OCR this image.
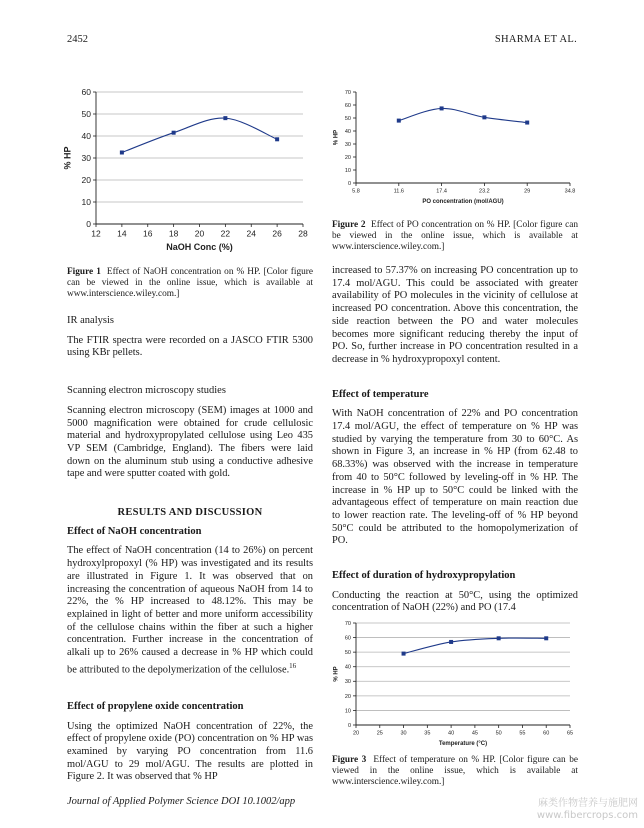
2452	SHARMA ET AL.
0
10
20
30
40
50
60
12 14 16 18 20 22 24 26 28
NaOH Conc (%)
% HP
Figure 1 Effect of NaOH concentration on % HP. [Color figure can be viewed in the online issue, which is available at www.interscience.wiley.com.]
0
10
20
30
40
50
60
70
5.8	11.6	17.4	23.2	29	34.8
PO concentration (mol/AGU)
% HP
Figure 2 Effect of PO concentration on % HP. [Color figure can be viewed in the online issue, which is available at www.interscience.wiley.com.]

IR analysis

The FTIR spectra were recorded on a JASCO FTIR 5300 using KBr pellets.

Scanning electron microscopy studies

Scanning electron microscopy (SEM) images at 1000 and 5000 magnification were obtained for crude cellulosic material and hydroxypropylated cellulose using Leo 435 VP SEM (Cambridge, England). The fibers were laid down on the aluminum stub using a conductive adhesive tape and were sputter coated with gold.

RESULTS AND DISCUSSION

Effect of NaOH concentration

The effect of NaOH concentration (14 to 26%) on percent hydroxylpropoxyl (% HP) was investigated and its results are illustrated in Figure 1. It was observed that on increasing the concentration of aqueous NaOH from 14 to 22%, the % HP increased to 48.12%. This may be explained in light of better and more uniform accessibility of the cellulose chains within the fiber at such a higher concentration. Further increase in the concentration of alkali up to 26% caused a decrease in % HP which could be attributed to the depolymerization of the cellulose.$^{16}$

Effect of propylene oxide concentration

Using the optimized NaOH concentration of 22%, the effect of propylene oxide (PO) concentration on % HP was examined by varying PO concentration from 11.6 mol/AGU to 29 mol/AGU. The results are plotted in Figure 2. It was observed that % HP

increased to 57.37% on increasing PO concentration up to 17.4 mol/AGU. This could be associated with greater availability of PO molecules in the vicinity of cellulose at increased PO concentration. Above this concentration, the side reaction between the PO and water molecules becomes more significant reducing thereby the input of PO. So, further increase in PO concentration resulted in a decrease in % hydroxypropoxyl content.

Effect of temperature

With NaOH concentration of 22% and PO concentration 17.4 mol/AGU, the effect of temperature on % HP was studied by varying the temperature from 30 to 60°C. As shown in Figure 3, an increase in % HP (from 62.48 to 68.33%) was observed with the increase in temperature from 40 to 50°C followed by leveling-off in % HP. The increase in % HP up to 50°C could be linked with the advantageous effect of temperature on main reaction due to lower reaction rate. The leveling-off of % HP beyond 50°C could be attributed to the homopolymerization of PO.

Effect of duration of hydroxypropylation

Conducting the reaction at 50°C, using the optimized concentration of NaOH (22%) and PO (17.4

0
10
20
30
40
50
60
70
20	25	30	35	40	45	50	55	60	65
Temperature (°C)
% HP
Figure 3 Effect of temperature on % HP. [Color figure can be viewed in the online issue, which is available at www.interscience.wiley.com.]
Journal of Applied Polymer Science DOI 10.1002/app	麻类作物营养与施肥网
www.fibercrops.com
